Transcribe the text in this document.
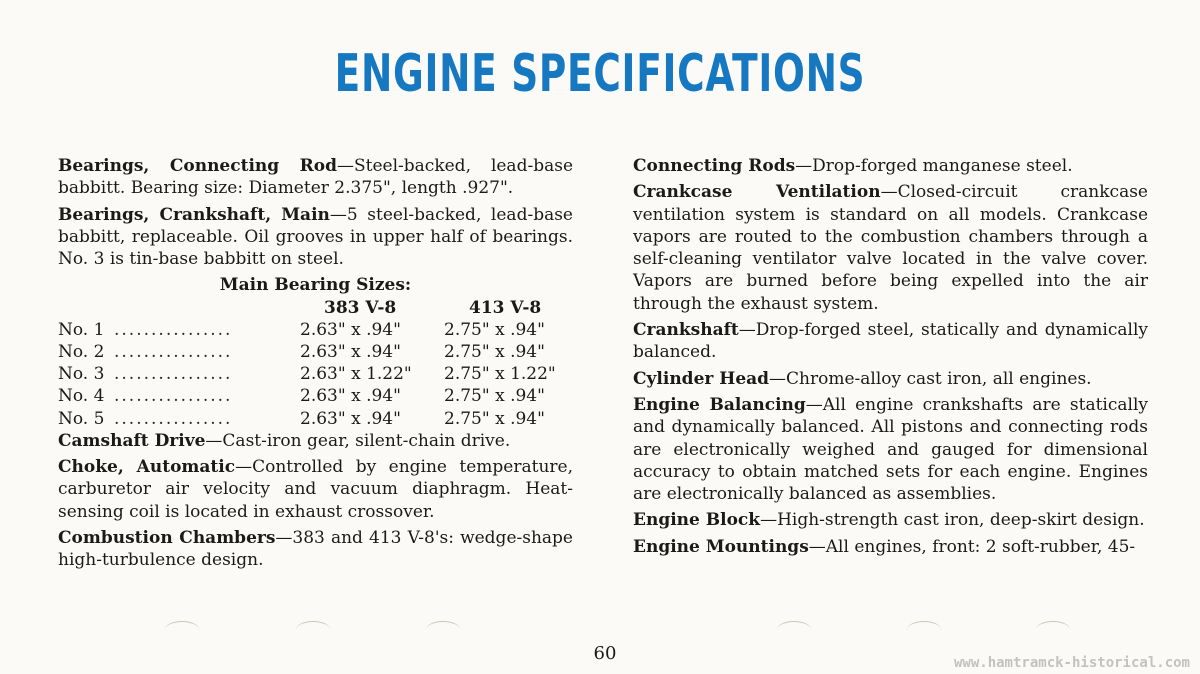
ENGINE SPECIFICATIONS

Bearings, Connecting Rod—Steel-backed, lead-base babbitt. Bearing size: Diameter 2.375", length .927".

Bearings, Crankshaft, Main—5 steel-backed, lead-base babbitt, replaceable. Oil grooves in upper half of bearings. No. 3 is tin-base babbitt on steel.

Main Bearing Sizes:
383 V-8	413 V-8
No. 1 ................	2.63" x .94"	2.75" x .94"
No. 2 ................	2.63" x .94"	2.75" x .94"
No. 3 ................	2.63" x 1.22" 2.75" x 1.22"
No. 4 ................	2.63" x .94"	2.75" x .94"
No. 5 ................	2.63" x .94"	2.75" x .94"

Camshaft Drive—Cast-iron gear, silent-chain drive.

Choke, Automatic—Controlled by engine temperature, carburetor air velocity and vacuum diaphragm. Heat-sensing coil is located in exhaust crossover.

Combustion Chambers—383 and 413 V-8's: wedge-shape high-turbulence design.

Connecting Rods—Drop-forged manganese steel.

Crankcase Ventilation—Closed-circuit crankcase ventilation system is standard on all models. Crankcase vapors are routed to the combustion chambers through a self-cleaning ventilator valve located in the valve cover. Vapors are burned before being expelled into the air through the exhaust system.

Crankshaft—Drop-forged steel, statically and dynamically balanced.

Cylinder Head—Chrome-alloy cast iron, all engines.

Engine Balancing—All engine crankshafts are statically and dynamically balanced. All pistons and connecting rods are electronically weighed and gauged for dimensional accuracy to obtain matched sets for each engine. Engines are electronically balanced as assemblies.

Engine Block—High-strength cast iron, deep-skirt design.

Engine Mountings—All engines, front: 2 soft-rubber, 45-

60	www.hamtramck-historical.com
